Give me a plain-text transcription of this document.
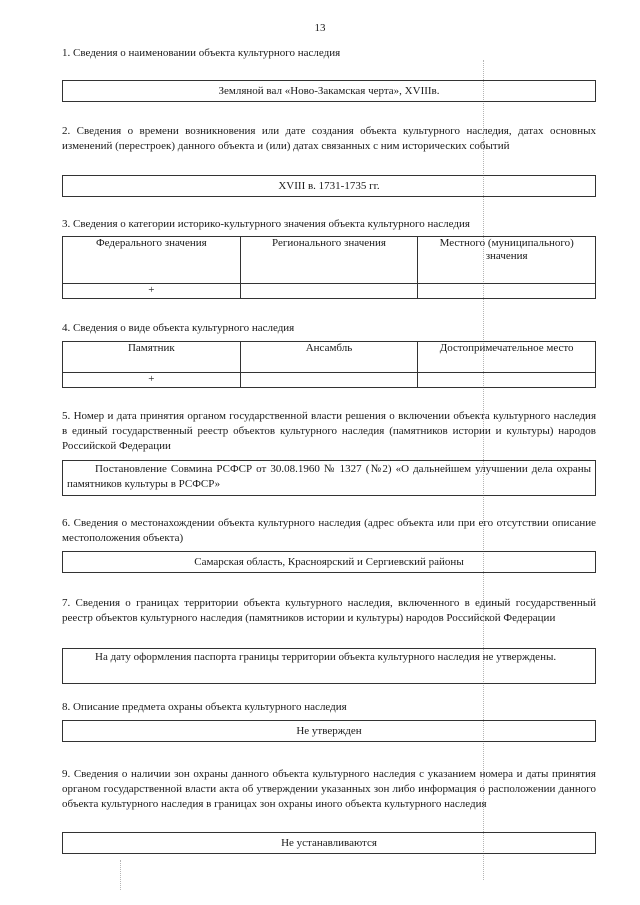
13
1. Сведения о наименовании объекта культурного наследия
Земляной вал «Ново-Закамская черта», XVIIIв.
2. Сведения о времени возникновения или дате создания объекта культурного наследия, датах основных изменений (перестроек) данного объекта и (или) датах связанных с ним исторических событий
XVIII в. 1731-1735 гг.
3. Сведения о категории историко-культурного значения объекта культурного наследия
Федерального значения	Регионального значения	Местного (муниципального) значения
+		
4. Сведения о виде объекта культурного наследия
Памятник	Ансамбль	Достопримечательное место
+		
5. Номер и дата принятия органом государственной власти решения о включении объекта культурного наследия в единый государственный реестр объектов культурного наследия (памятников истории и культуры) народов Российской Федерации
Постановление Совмина РСФСР от 30.08.1960 № 1327 (№2) «О дальнейшем улучшении дела охраны памятников культуры в РСФСР»
6. Сведения о местонахождении объекта культурного наследия (адрес объекта или при его отсутствии описание местоположения объекта)
Самарская область, Красноярский и Сергиевский районы
7. Сведения о границах территории объекта культурного наследия, включенного в единый государственный реестр объектов культурного наследия (памятников истории и культуры) народов Российской Федерации
На дату оформления паспорта границы территории объекта культурного наследия не утверждены.
8. Описание предмета охраны объекта культурного наследия
Не утвержден
9. Сведения о наличии зон охраны данного объекта культурного наследия с указанием номера и даты принятия органом государственной власти акта об утверждении указанных зон либо информация о расположении данного объекта культурного наследия в границах зон охраны иного объекта культурного наследия
Не устанавливаются
